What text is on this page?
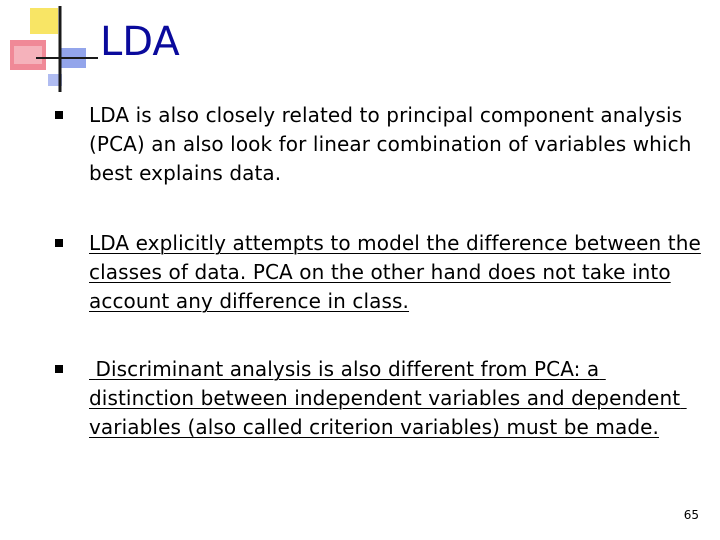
LDA
LDA is also closely related to principal component analysis (PCA) an also look for linear combination of variables which best explains data.
LDA explicitly attempts to model the difference between the classes of data. PCA on the other hand does not take into account any difference in class.
Discriminant analysis is also different from PCA: a distinction between independent variables and dependent variables (also called criterion variables) must be made.
65
